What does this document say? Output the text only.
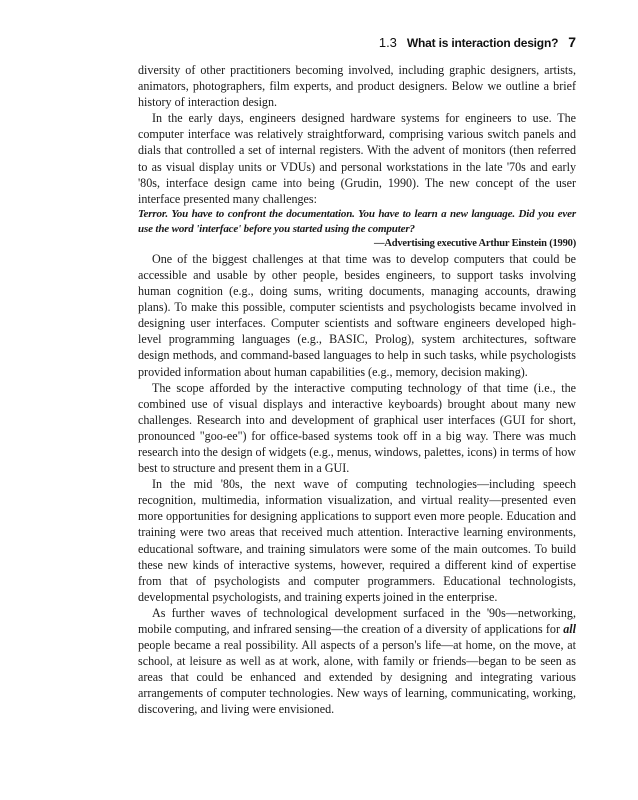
1.3 What is interaction design? 7

diversity of other practitioners becoming involved, including graphic designers, artists, animators, photographers, film experts, and product designers. Below we outline a brief history of interaction design.

In the early days, engineers designed hardware systems for engineers to use. The computer interface was relatively straightforward, comprising various switch panels and dials that controlled a set of internal registers. With the advent of monitors (then referred to as visual display units or VDUs) and personal workstations in the late '70s and early '80s, interface design came into being (Grudin, 1990). The new concept of the user interface presented many challenges:

Terror. You have to confront the documentation. You have to learn a new language. Did you ever use the word 'interface' before you started using the computer?

—Advertising executive Arthur Einstein (1990)

One of the biggest challenges at that time was to develop computers that could be accessible and usable by other people, besides engineers, to support tasks involving human cognition (e.g., doing sums, writing documents, managing accounts, drawing plans). To make this possible, computer scientists and psychologists became involved in designing user interfaces. Computer scientists and software engineers developed high-level programming languages (e.g., BASIC, Prolog), system architectures, software design methods, and command-based languages to help in such tasks, while psychologists provided information about human capabilities (e.g., memory, decision making).

The scope afforded by the interactive computing technology of that time (i.e., the combined use of visual displays and interactive keyboards) brought about many new challenges. Research into and development of graphical user interfaces (GUI for short, pronounced "goo-ee") for office-based systems took off in a big way. There was much research into the design of widgets (e.g., menus, windows, palettes, icons) in terms of how best to structure and present them in a GUI.

In the mid '80s, the next wave of computing technologies—including speech recognition, multimedia, information visualization, and virtual reality—presented even more opportunities for designing applications to support even more people. Education and training were two areas that received much attention. Interactive learning environments, educational software, and training simulators were some of the main outcomes. To build these new kinds of interactive systems, however, required a different kind of expertise from that of psychologists and computer programmers. Educational technologists, developmental psychologists, and training experts joined in the enterprise.

As further waves of technological development surfaced in the '90s—networking, mobile computing, and infrared sensing—the creation of a diversity of applications for all people became a real possibility. All aspects of a person's life—at home, on the move, at school, at leisure as well as at work, alone, with family or friends—began to be seen as areas that could be enhanced and extended by designing and integrating various arrangements of computer technologies. New ways of learning, communicating, working, discovering, and living were envisioned.
